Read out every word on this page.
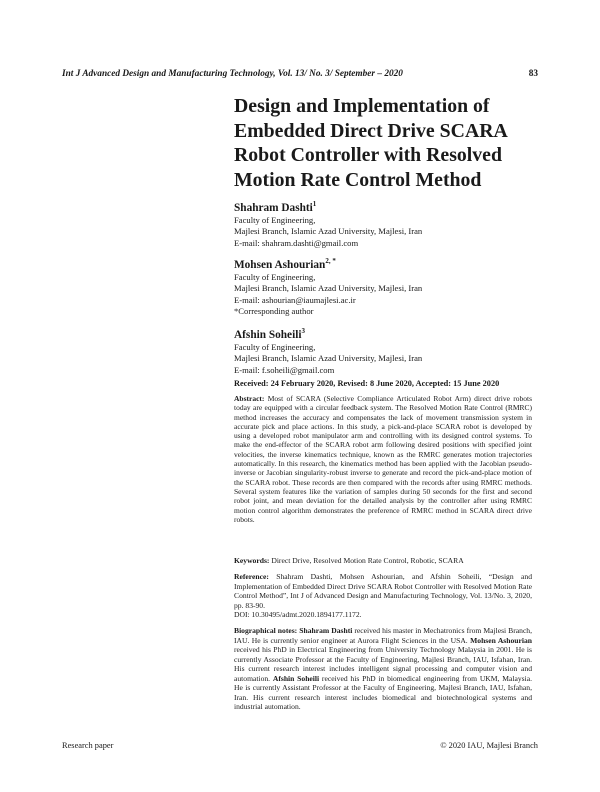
Int J Advanced Design and Manufacturing Technology, Vol. 13/ No. 3/ September – 2020	83
Design and Implementation of
Embedded Direct Drive SCARA
Robot Controller with Resolved
Motion Rate Control Method
Shahram Dashti$^1$
Faculty of Engineering,
Majlesi Branch, Islamic Azad University, Majlesi, Iran
E-mail: shahram.dashti@gmail.com
Mohsen Ashourian$^{2, *}$
Faculty of Engineering,
Majlesi Branch, Islamic Azad University, Majlesi, Iran
E-mail: ashourian@iaumajlesi.ac.ir
*Corresponding author
Afshin Soheili$^3$
Faculty of Engineering,
Majlesi Branch, Islamic Azad University, Majlesi, Iran
E-mail: f.soheili@gmail.com
Received: 24 February 2020, Revised: 8 June 2020, Accepted: 15 June 2020
Abstract: Most of SCARA (Selective Compliance Articulated Robot Arm) direct drive robots today are equipped with a circular feedback system. The Resolved Motion Rate Control (RMRC) method increases the accuracy and compensates the lack of movement transmission system in accurate pick and place actions. In this study, a pick-and-place SCARA robot is developed by using a developed robot manipulator arm and controlling with its designed control systems. To make the end-effector of the SCARA robot arm following desired positions with specified joint velocities, the inverse kinematics technique, known as the RMRC generates motion trajectories automatically. In this research, the kinematics method has been applied with the Jacobian pseudo-inverse or Jacobian singularity-robust inverse to generate and record the pick-and-place motion of the SCARA robot. These records are then compared with the records after using RMRC methods. Several system features like the variation of samples during 50 seconds for the first and second robot joint, and mean deviation for the detailed analysis by the controller after using RMRC motion control algorithm demonstrates the preference of RMRC method in SCARA direct drive robots.
Keywords: Direct Drive, Resolved Motion Rate Control, Robotic, SCARA
Reference: Shahram Dashti, Mohsen Ashourian, and Afshin Soheili, “Design and Implementation of Embedded Direct Drive SCARA Robot Controller with Resolved Motion Rate Control Method”, Int J of Advanced Design and Manufacturing Technology, Vol. 13/No. 3, 2020, pp. 83-90.
DOI: 10.30495/admt.2020.1894177.1172.
Biographical notes: Shahram Dashti received his master in Mechatronics from Majlesi Branch, IAU. He is currently senior engineer at Aurora Flight Sciences in the USA. Mohsen Ashourian received his PhD in Electrical Engineering from University Technology Malaysia in 2001. He is currently Associate Professor at the Faculty of Engineering, Majlesi Branch, IAU, Isfahan, Iran. His current research interest includes intelligent signal processing and computer vision and automation. Afshin Soheili received his PhD in biomedical engineering from UKM, Malaysia. He is currently Assistant Professor at the Faculty of Engineering, Majlesi Branch, IAU, Isfahan, Iran. His current research interest includes biomedical and biotechnological systems and industrial automation.
Research paper	© 2020 IAU, Majlesi Branch
